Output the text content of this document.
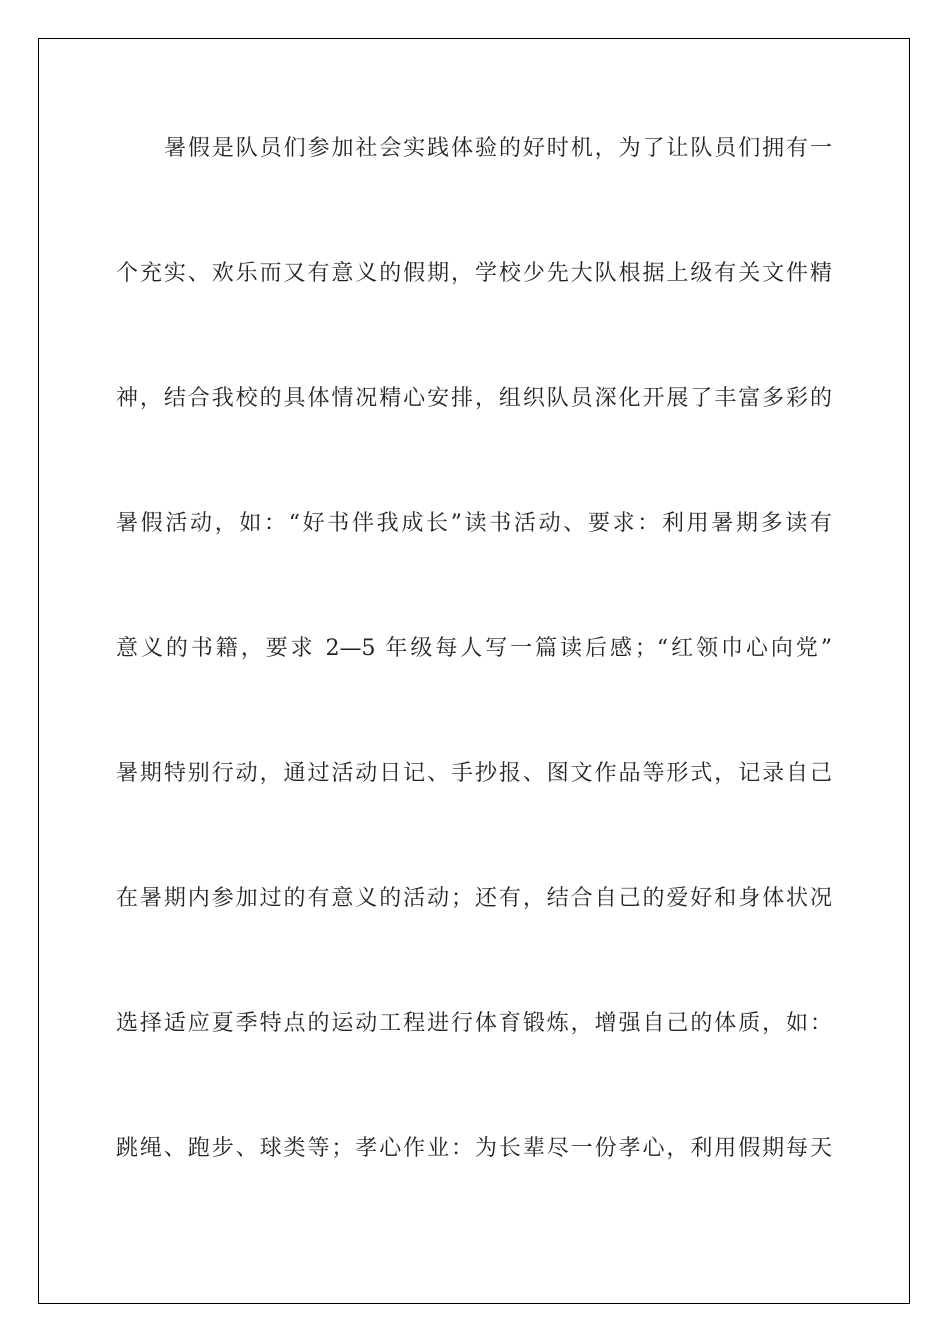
暑假是队员们参加社会实践体验的好时机，为了让队员们拥有一
个充实、欢乐而又有意义的假期，学校少先大队根据上级有关文件精
神，结合我校的具体情况精心安排，组织队员深化开展了丰富多彩的
暑假活动，如：“好书伴我成长”读书活动、要求：利用暑期多读有
意义的书籍，要求 2—5 年级每人写一篇读后感；“红领巾心向党”
暑期特别行动，通过活动日记、手抄报、图文作品等形式，记录自己
在暑期内参加过的有意义的活动；还有，结合自己的爱好和身体状况
选择适应夏季特点的运动工程进行体育锻炼，增强自己的体质，如：
跳绳、跑步、球类等；孝心作业：为长辈尽一份孝心，利用假期每天
